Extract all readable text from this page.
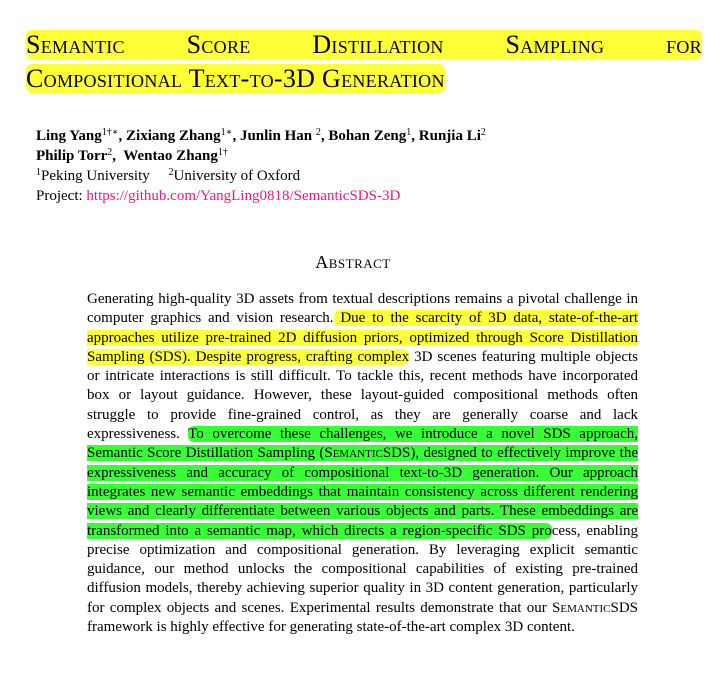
Semantic Score Distillation Sampling for
Compositional Text-to-3D Generation
Ling Yang$^{1\dagger∗}$, Zixiang Zhang$^{1∗}$, Junlin Han $^2$, Bohan Zeng$^1$, Runjia Li$^2$
Philip Torr$^2$,  Wentao Zhang$^{1\dagger}$
$^1$Peking University $^2$University of Oxford
Project: https://github.com/YangLing0818/SemanticSDS-3D
Abstract

Generating high-quality 3D assets from textual descriptions remains a pivotal challenge in computer graphics and vision research. Due to the scarcity of 3D data, state-of-the-art approaches utilize pre-trained 2D diffusion priors, optimized through Score Distillation Sampling (SDS). Despite progress, crafting complex 3D scenes featuring multiple objects or intricate interactions is still difficult. To tackle this, recent methods have incorporated box or layout guidance. However, these layout-guided compositional methods often struggle to provide fine-grained control, as they are generally coarse and lack expressiveness. To overcome these challenges, we introduce a novel SDS approach, Semantic Score Distillation Sampling (SemanticSDS), designed to effectively improve the expressiveness and accuracy of compositional text-to-3D generation. Our approach integrates new semantic embeddings that maintain consistency across different rendering views and clearly differentiate between various objects and parts. These embeddings are transformed into a semantic map, which directs a region-specific SDS process, enabling precise optimization and compositional generation. By leveraging explicit semantic guidance, our method unlocks the compositional capabilities of existing pre-trained diffusion models, thereby achieving superior quality in 3D content generation, particularly for complex objects and scenes. Experimental results demonstrate that our SemanticSDS framework is highly effective for generating state-of-the-art complex 3D content.
